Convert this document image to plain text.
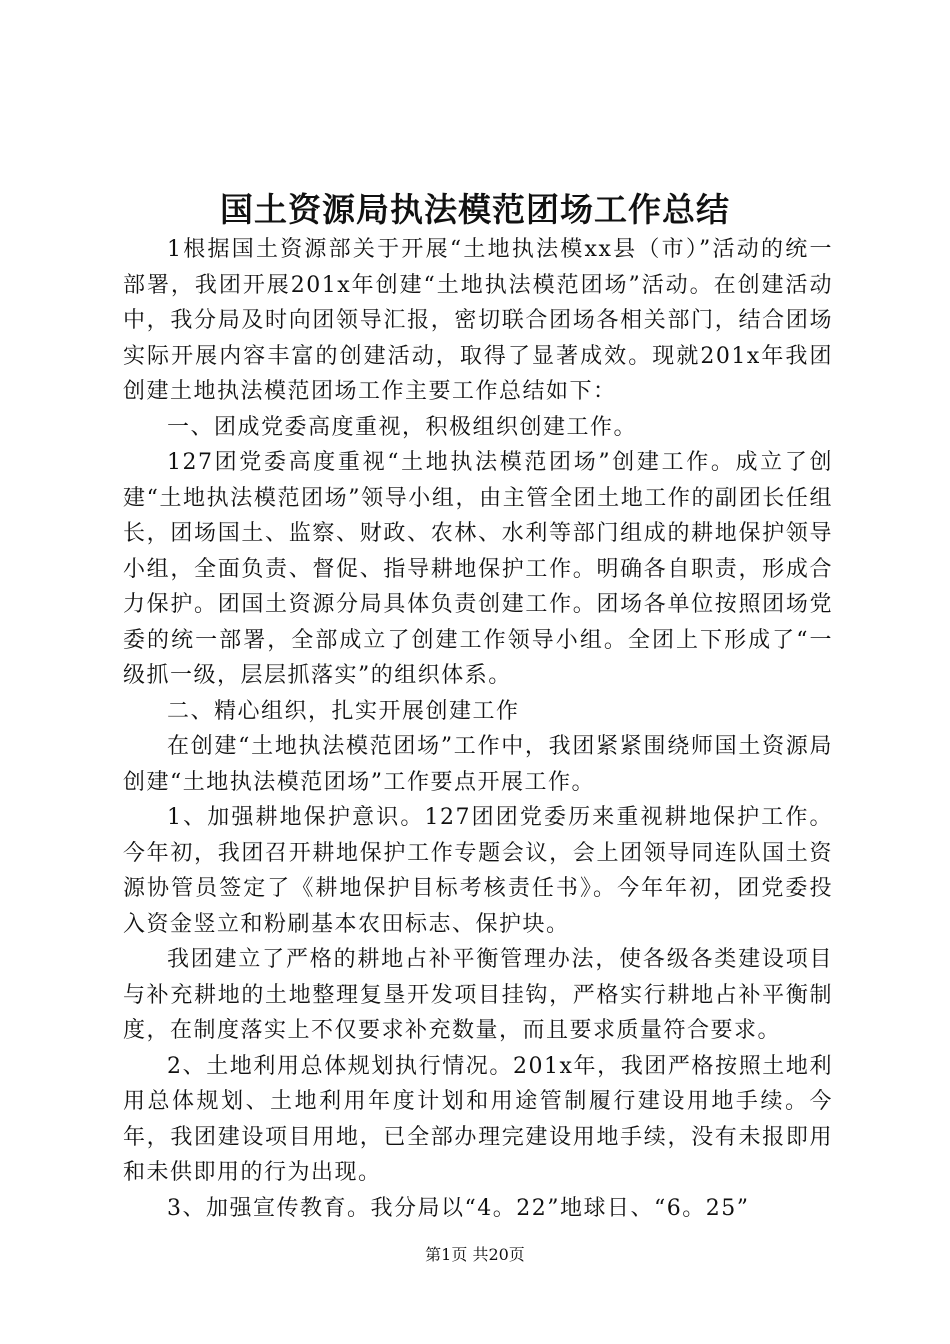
国土资源局执法模范团场工作总结

1根据国土资源部关于开展“土地执法模xx县（市）”活动的统一部署，我团开展201x年创建“土地执法模范团场”活动。在创建活动中，我分局及时向团领导汇报，密切联合团场各相关部门，结合团场实际开展内容丰富的创建活动，取得了显著成效。现就201x年我团创建土地执法模范团场工作主要工作总结如下：

一、团成党委高度重视，积极组织创建工作。

127团党委高度重视“土地执法模范团场”创建工作。成立了创建“土地执法模范团场”领导小组，由主管全团土地工作的副团长任组长，团场国土、监察、财政、农林、水利等部门组成的耕地保护领导小组，全面负责、督促、指导耕地保护工作。明确各自职责，形成合力保护。团国土资源分局具体负责创建工作。团场各单位按照团场党委的统一部署，全部成立了创建工作领导小组。全团上下形成了“一级抓一级，层层抓落实”的组织体系。

二、精心组织，扎实开展创建工作

在创建“土地执法模范团场”工作中，我团紧紧围绕师国土资源局创建“土地执法模范团场”工作要点开展工作。

1、加强耕地保护意识。127团团党委历来重视耕地保护工作。今年初，我团召开耕地保护工作专题会议，会上团领导同连队国土资源协管员签定了《耕地保护目标考核责任书》。今年年初，团党委投入资金竖立和粉刷基本农田标志、保护块。

我团建立了严格的耕地占补平衡管理办法，使各级各类建设项目与补充耕地的土地整理复垦开发项目挂钩，严格实行耕地占补平衡制度，在制度落实上不仅要求补充数量，而且要求质量符合要求。

2、土地利用总体规划执行情况。201x年，我团严格按照土地利用总体规划、土地利用年度计划和用途管制履行建设用地手续。今年，我团建设项目用地，已全部办理完建设用地手续，没有未报即用和未供即用的行为出现。

3、加强宣传教育。我分局以“4。22”地球日、“6。25”

第1页 共20页
